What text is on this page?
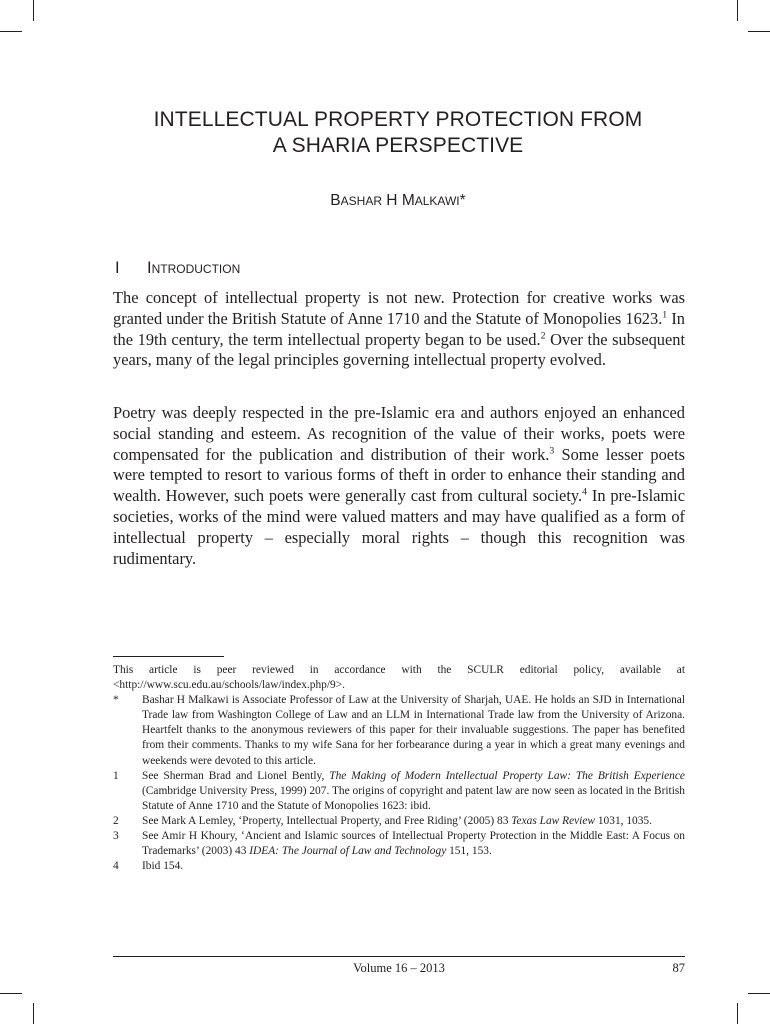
INTELLECTUAL PROPERTY PROTECTION FROM
A SHARIA PERSPECTIVE
BASHAR H MALKAWI*
I INTRODUCTION

The concept of intellectual property is not new. Protection for creative works was granted under the British Statute of Anne 1710 and the Statute of Monopolies 1623.$^1$ In the 19th century, the term intellectual property began to be used.$^2$ Over the subsequent years, many of the legal principles governing intellectual property evolved.

Poetry was deeply respected in the pre-Islamic era and authors enjoyed an enhanced social standing and esteem. As recognition of the value of their works, poets were compensated for the publication and distribution of their work.$^3$ Some lesser poets were tempted to resort to various forms of theft in order to enhance their standing and wealth. However, such poets were generally cast from cultural society.$^4$ In pre-Islamic societies, works of the mind were valued matters and may have qualified as a form of intellectual property – especially moral rights – though this recognition was rudimentary.

This article is peer reviewed in accordance with the SCULR editorial policy, available at <http://www.scu.edu.au/schools/law/index.php/9>.

*	Bashar H Malkawi is Associate Professor of Law at the University of Sharjah, UAE. He holds an SJD in International Trade law from Washington College of Law and an LLM in International Trade law from the University of Arizona. Heartfelt thanks to the anonymous reviewers of this paper for their invaluable suggestions. The paper has benefited from their comments. Thanks to my wife Sana for her forbearance during a year in which a great many evenings and weekends were devoted to this article.
1	See Sherman Brad and Lionel Bently, The Making of Modern Intellectual Property Law: The British Experience (Cambridge University Press, 1999) 207. The origins of copyright and patent law are now seen as located in the British Statute of Anne 1710 and the Statute of Monopolies 1623: ibid.
2	See Mark A Lemley, ‘Property, Intellectual Property, and Free Riding’ (2005) 83 Texas Law Review 1031, 1035.
3	See Amir H Khoury, ‘Ancient and Islamic sources of Intellectual Property Protection in the Middle East: A Focus on Trademarks’ (2003) 43 IDEA: The Journal of Law and Technology 151, 153.
4	Ibid 154.
Volume 16 – 2013	87
